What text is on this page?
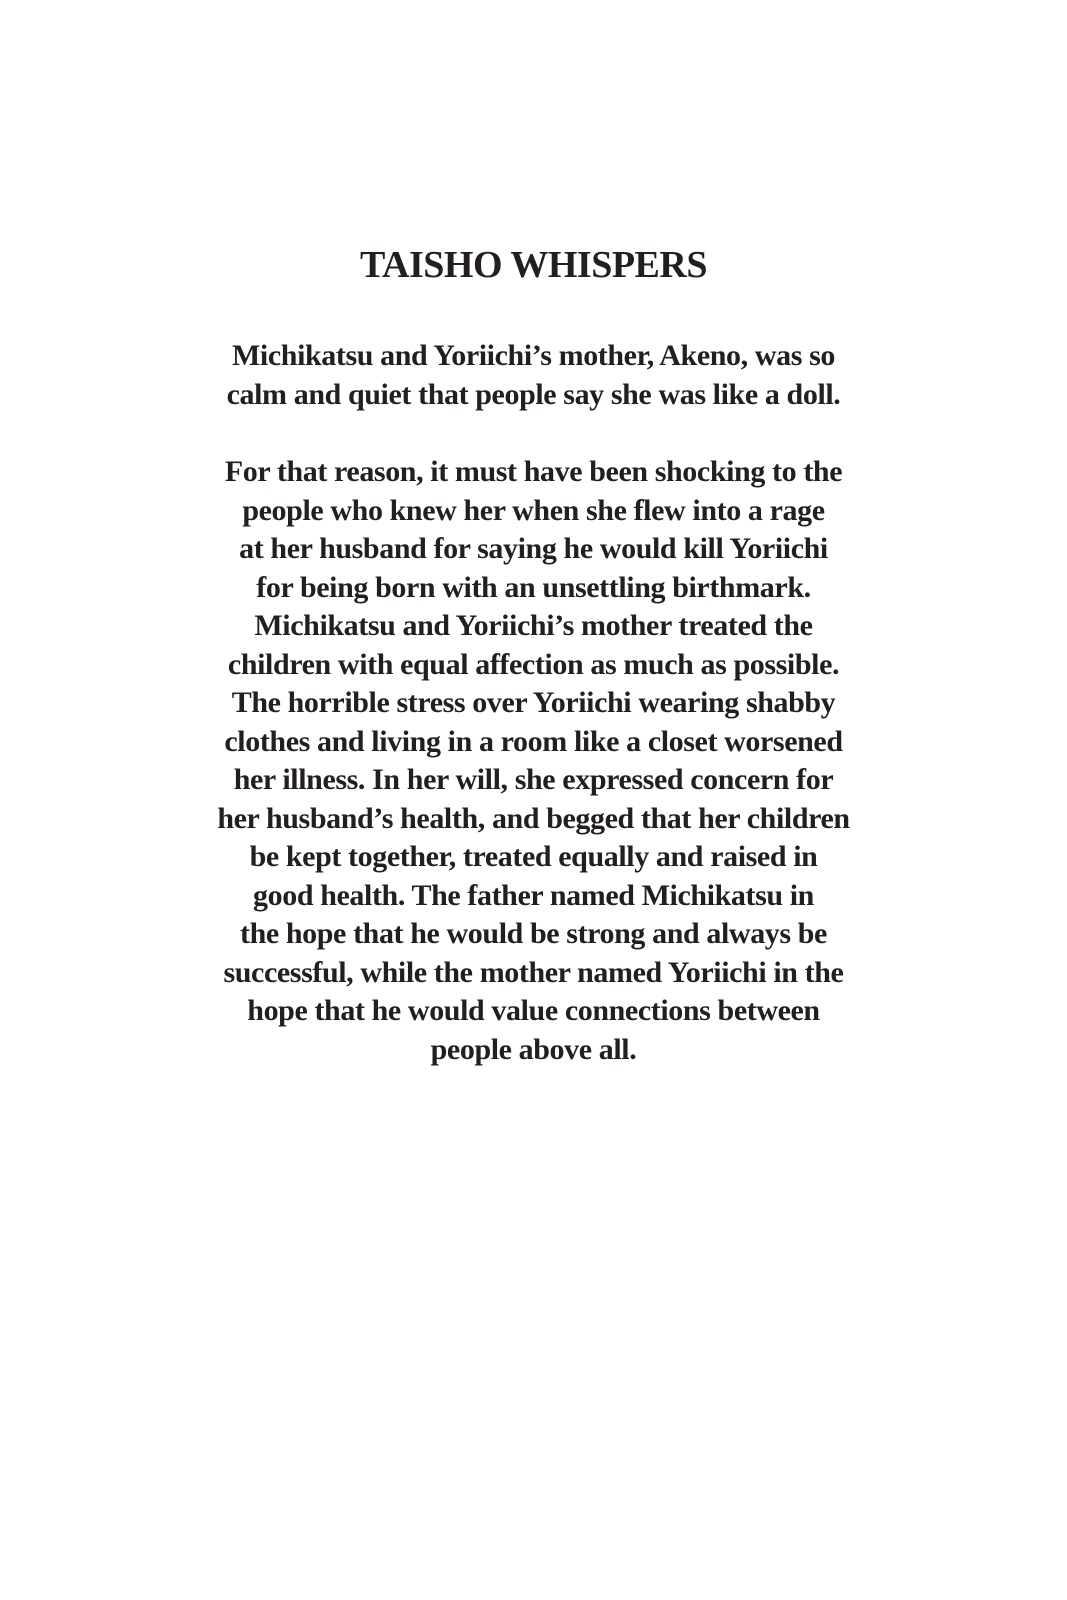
TAISHO WHISPERS
Michikatsu and Yoriichi’s mother, Akeno, was so
calm and quiet that people say she was like a doll.
For that reason, it must have been shocking to the
people who knew her when she flew into a rage
at her husband for saying he would kill Yoriichi
for being born with an unsettling birthmark.
Michikatsu and Yoriichi’s mother treated the
children with equal affection as much as possible.
The horrible stress over Yoriichi wearing shabby
clothes and living in a room like a closet worsened
her illness. In her will, she expressed concern for
her husband’s health, and begged that her children
be kept together, treated equally and raised in
good health. The father named Michikatsu in
the hope that he would be strong and always be
successful, while the mother named Yoriichi in the
hope that he would value connections between
people above all.
